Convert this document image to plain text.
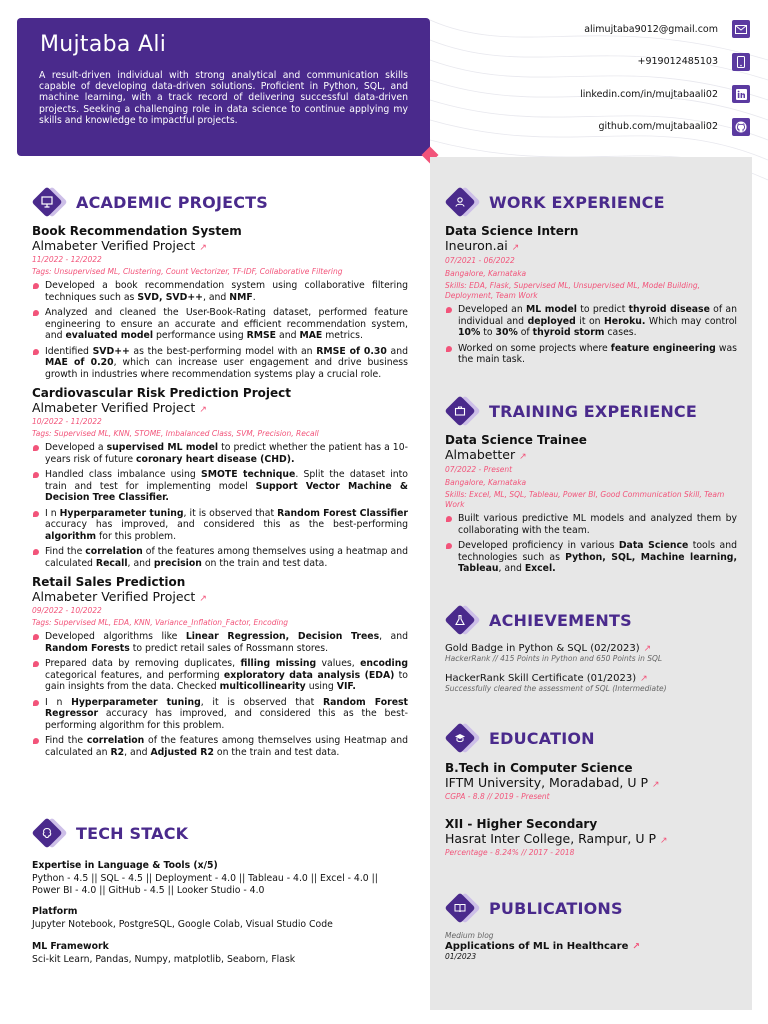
Mujtaba Ali
A result-driven individual with strong analytical and communication skills capable of developing data-driven solutions. Proficient in Python, SQL, and machine learning, with a track record of delivering successful data-driven projects. Seeking a challenging role in data science to continue applying my skills and knowledge to impactful projects.
alimujtaba9012@gmail.com
+919012485103
linkedin.com/in/mujtabaali02
github.com/mujtabaali02
ACADEMIC PROJECTS
Book Recommendation System
Almabeter Verified Project ↗
11/2022 - 12/2022
Tags: Unsupervised ML, Clustering, Count Vectorizer, TF-IDF, Collaborative Filtering
Developed a book recommendation system using collaborative filtering techniques such as SVD, SVD++, and NMF.
Analyzed and cleaned the User-Book-Rating dataset, performed feature engineering to ensure an accurate and efficient recommendation system, and evaluated model performance using RMSE and MAE metrics.
Identified SVD++ as the best-performing model with an RMSE of 0.30 and MAE of 0.20, which can increase user engagement and drive business growth in industries where recommendation systems play a crucial role.
Cardiovascular Risk Prediction Project
Almabeter Verified Project ↗
10/2022 - 11/2022
Tags: Supervised ML, KNN, STOME, Imbalanced Class, SVM, Precision, Recall
Developed a supervised ML model to predict whether the patient has a 10-years risk of future coronary heart disease (CHD).
Handled class imbalance using SMOTE technique. Split the dataset into train and test for implementing model Support Vector Machine & Decision Tree Classifier.
I n Hyperparameter tuning, it is observed that Random Forest Classifier accuracy has improved, and considered this as the best-performing algorithm for this problem.
Find the correlation of the features among themselves using a heatmap and calculated Recall, and precision on the train and test data.
Retail Sales Prediction
Almabeter Verified Project ↗
09/2022 - 10/2022
Tags: Supervised ML, EDA, KNN, Variance_Inflation_Factor, Encoding
Developed algorithms like Linear Regression, Decision Trees, and Random Forests to predict retail sales of Rossmann stores.
Prepared data by removing duplicates, filling missing values, encoding categorical features, and performing exploratory data analysis (EDA) to gain insights from the data. Checked multicollinearity using VIF.
I n Hyperparameter tuning, it is observed that Random Forest Regressor accuracy has improved, and considered this as the best-performing algorithm for this problem.
Find the correlation of the features among themselves using Heatmap and calculated an R2, and Adjusted R2 on the train and test data.
TECH STACK
Expertise in Language & Tools (x/5)
Python - 4.5 || SQL - 4.5 || Deployment - 4.0 || Tableau - 4.0 || Excel - 4.0 || Power BI - 4.0 || GitHub - 4.5 || Looker Studio - 4.0
Platform
Jupyter Notebook, PostgreSQL, Google Colab, Visual Studio Code
ML Framework
Sci-kit Learn, Pandas, Numpy, matplotlib, Seaborn, Flask
WORK EXPERIENCE
Data Science Intern
Ineuron.ai ↗
07/2021 - 06/2022
Bangalore, Karnataka
Skills: EDA, Flask, Supervised ML, Unsupervised ML, Model Building, Deployment, Team Work
Developed an ML model to predict thyroid disease of an individual and deployed it on Heroku. Which may control 10% to 30% of thyroid storm cases.
Worked on some projects where feature engineering was the main task.
TRAINING EXPERIENCE
Data Science Trainee
Almabetter ↗
07/2022 - Present
Bangalore, Karnataka
Skills: Excel, ML, SQL, Tableau, Power BI, Good Communication Skill, Team Work
Built various predictive ML models and analyzed them by collaborating with the team.
Developed proficiency in various Data Science tools and technologies such as Python, SQL, Machine learning, Tableau, and Excel.
ACHIEVEMENTS
Gold Badge in Python & SQL (02/2023) ↗
HackerRank // 415 Points in Python and 650 Points in SQL
HackerRank Skill Certificate (01/2023) ↗
Successfully cleared the assessment of SQL (Intermediate)
EDUCATION
B.Tech in Computer Science
IFTM University, Moradabad, U P ↗
CGPA - 8.8 // 2019 - Present
XII - Higher Secondary
Hasrat Inter College, Rampur, U P ↗
Percentage - 8.24% // 2017 - 2018
PUBLICATIONS
Medium blog
Applications of ML in Healthcare ↗
01/2023
